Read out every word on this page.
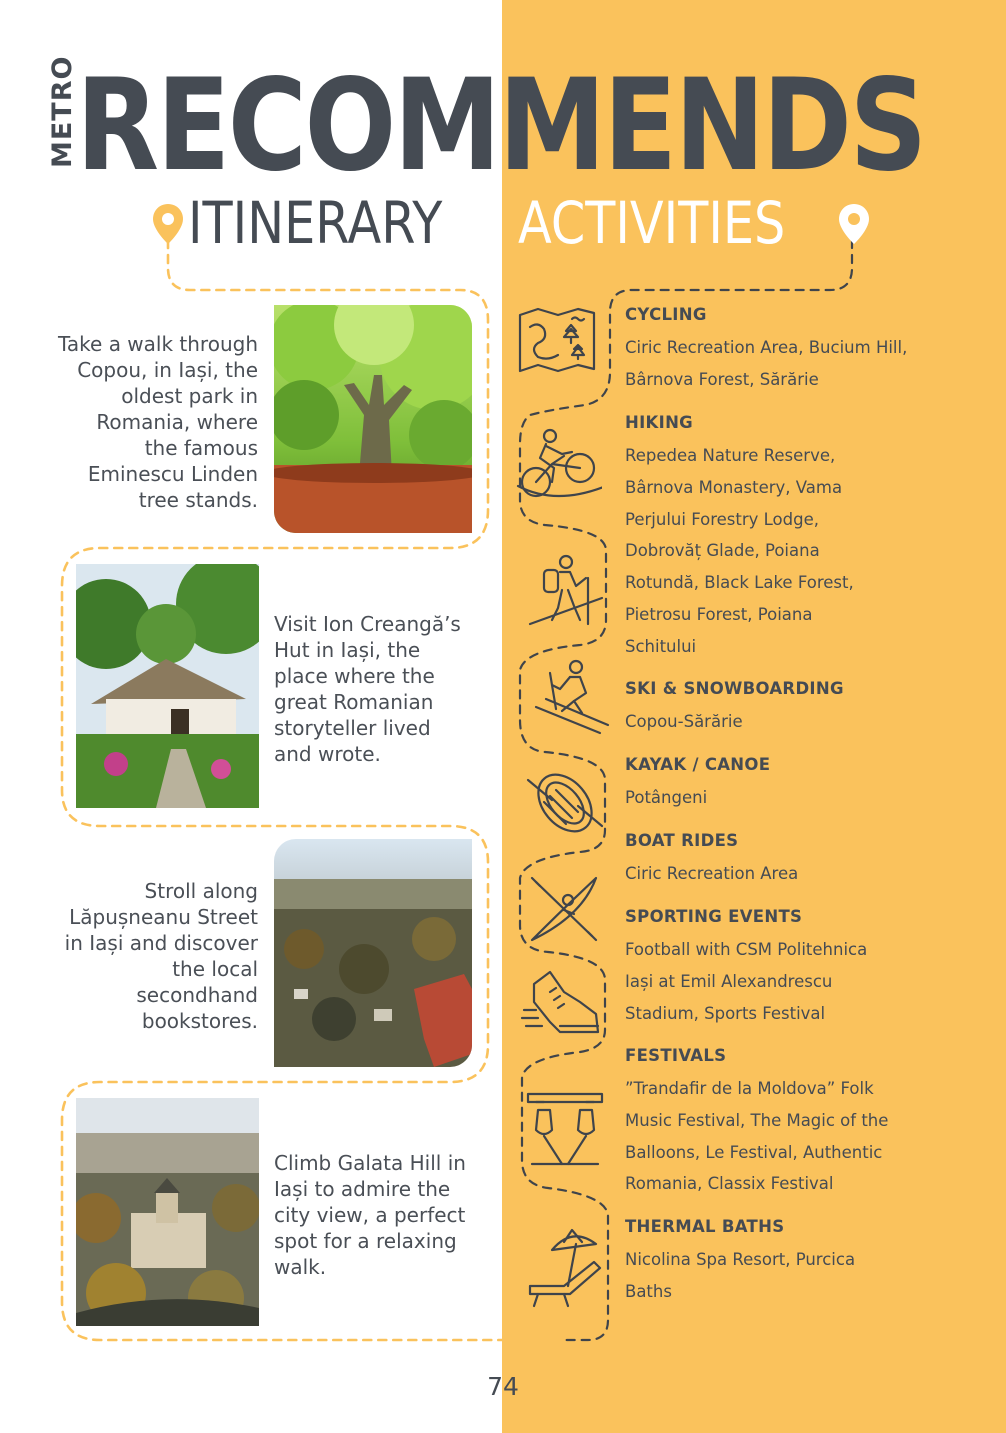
METRO
RECOMMENDS
ITINERARY ACTIVITIES
Take a walk through Copou, in Iași, the oldest park in Romania, where the famous Eminescu Linden tree stands.
Visit Ion Creangă’s Hut in Iași, the place where the great Romanian storyteller lived and wrote.
Stroll along Lăpușneanu Street in Iași and discover the local secondhand bookstores.
Climb Galata Hill in Iași to admire the city view, a perfect spot for a relaxing walk.
CYCLING
Ciric Recreation Area, Bucium Hill, Bârnova Forest, Sărărie
HIKING
Repedea Nature Reserve, Bârnova Monastery, Vama Perjului Forestry Lodge, Dobrovăț Glade, Poiana Rotundă, Black Lake Forest, Pietrosu Forest, Poiana Schitului
SKI & SNOWBOARDING
Copou-Sărărie
KAYAK / CANOE
Potângeni
BOAT RIDES
Ciric Recreation Area
SPORTING EVENTS
Football with CSM Politehnica Iași at Emil Alexandrescu Stadium, Sports Festival
FESTIVALS
”Trandafir de la Moldova” Folk Music Festival, The Magic of the Balloons, Le Festival, Authentic Romania, Classix Festival
THERMAL BATHS
Nicolina Spa Resort, Purcica Baths
74
